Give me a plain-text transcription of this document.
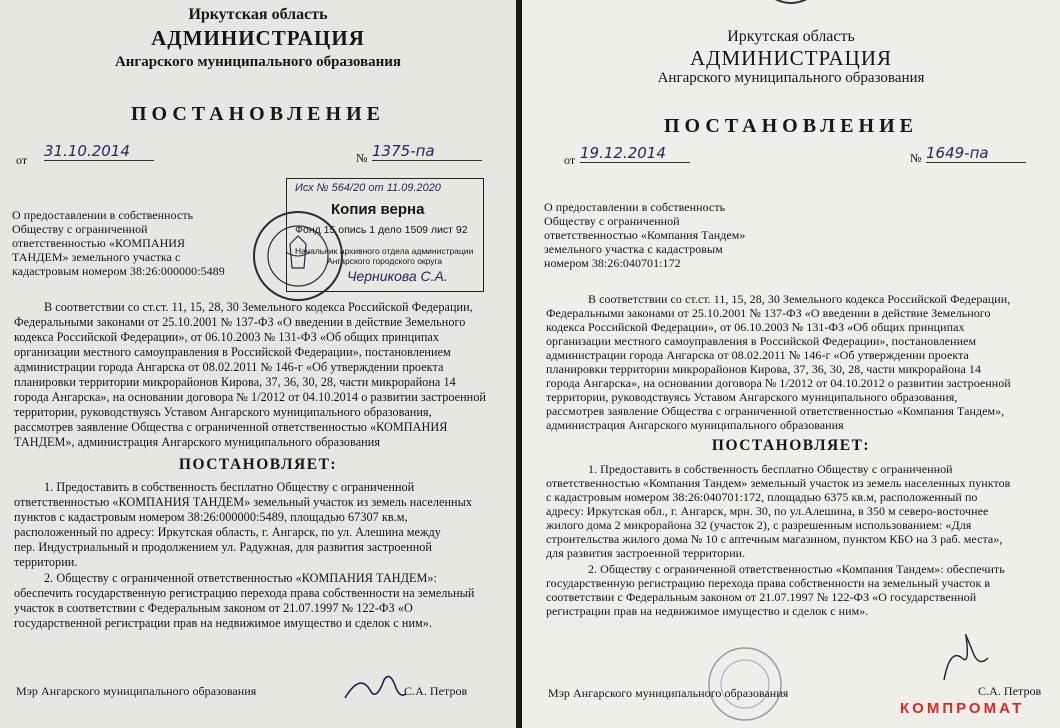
Иркутская область
АДМИНИСТРАЦИЯ
Ангарского муниципального образования
ПОСТАНОВЛЕНИЕ
от 31.10.2014	№ 1375-па
Исх № 564/20 от 11.09.2020
Копия верна
Фонд 15 опись 1 дело 1509 лист 92
Начальник архивного отдела администрации
Ангарского городского округа
Черникова С.А.
О предоставлении в собственность
Обществу с ограниченной
ответственностью «КОМПАНИЯ
ТАНДЕМ» земельного участка с
кадастровым номером 38:26:000000:5489
В соответствии со ст.ст. 11, 15, 28, 30 Земельного кодекса Российской Федерации,
Федеральными законами от 25.10.2001 № 137-ФЗ «О введении в действие Земельного
кодекса Российской Федерации», от 06.10.2003 № 131-ФЗ «Об общих принципах
организации местного самоуправления в Российской Федерации», постановлением
администрации города Ангарска от 08.02.2011 № 146-г «Об утверждении проекта
планировки территории микрорайонов Кирова, 37, 36, 30, 28, части микрорайона 14
города Ангарска», на основании договора № 1/2012 от 04.10.2014 о развитии застроенной
территории, руководствуясь Уставом Ангарского муниципального образования,
рассмотрев заявление Общества с ограниченной ответственностью «КОМПАНИЯ
ТАНДЕМ», администрация Ангарского муниципального образования
ПОСТАНОВЛЯЕТ:
1. Предоставить в собственность бесплатно Обществу с ограниченной
ответственностью «КОМПАНИЯ ТАНДЕМ» земельный участок из земель населенных
пунктов с кадастровым номером 38:26:000000:5489, площадью 67307 кв.м,
расположенный по адресу: Иркутская область, г. Ангарск, по ул. Алешина между
пер. Индустриальный и продолжением ул. Радужная, для развития застроенной
территории.
2. Обществу с ограниченной ответственностью «КОМПАНИЯ ТАНДЕМ»:
обеспечить государственную регистрацию перехода права собственности на земельный
участок в соответствии с Федеральным законом от 21.07.1997 № 122-ФЗ «О
государственной регистрации прав на недвижимое имущество и сделок с ним».
Мэр Ангарского муниципального образования	С.А. Петров
Иркутская область
АДМИНИСТРАЦИЯ
Ангарского муниципального образования
ПОСТАНОВЛЕНИЕ
от 19.12.2014	№ 1649-па
О предоставлении в собственность
Обществу с ограниченной
ответственностью «Компания Тандем»
земельного участка с кадастровым
номером 38:26:040701:172
В соответствии со ст.ст. 11, 15, 28, 30 Земельного кодекса Российской Федерации,
Федеральными законами от 25.10.2001 № 137-ФЗ «О введении в действие Земельного
кодекса Российской Федерации», от 06.10.2003 № 131-ФЗ «Об общих принципах
организации местного самоуправления в Российской Федерации», постановлением
администрации города Ангарска от 08.02.2011 № 146-г «Об утверждении проекта
планировки территории микрорайонов Кирова, 37, 36, 30, 28, части микрорайона 14
города Ангарска», на основании договора № 1/2012 от 04.10.2012 о развитии застроенной
территории, руководствуясь Уставом Ангарского муниципального образования,
рассмотрев заявление Общества с ограниченной ответственностью «Компания Тандем»,
администрация Ангарского муниципального образования
ПОСТАНОВЛЯЕТ:
1. Предоставить в собственность бесплатно Обществу с ограниченной
ответственностью «Компания Тандем» земельный участок из земель населенных пунктов
с кадастровым номером 38:26:040701:172, площадью 6375 кв.м, расположенный по
адресу: Иркутская обл., г. Ангарск, мрн. 30, по ул.Алешина, в 350 м северо-восточнее
жилого дома 2 микрорайона 32 (участок 2), с разрешенным использованием: «Для
строительства жилого дома № 10 с аптечным магазином, пунктом КБО на 3 раб. места»,
для развития застроенной территории.
2. Обществу с ограниченной ответственностью «Компания Тандем»: обеспечить
государственную регистрацию перехода права собственности на земельный участок в
соответствии с Федеральным законом от 21.07.1997 № 122-ФЗ «О государственной
регистрации прав на недвижимое имущество и сделок с ним».
Мэр Ангарского муниципального образования	С.А. Петров
КОМПРОМАТ
